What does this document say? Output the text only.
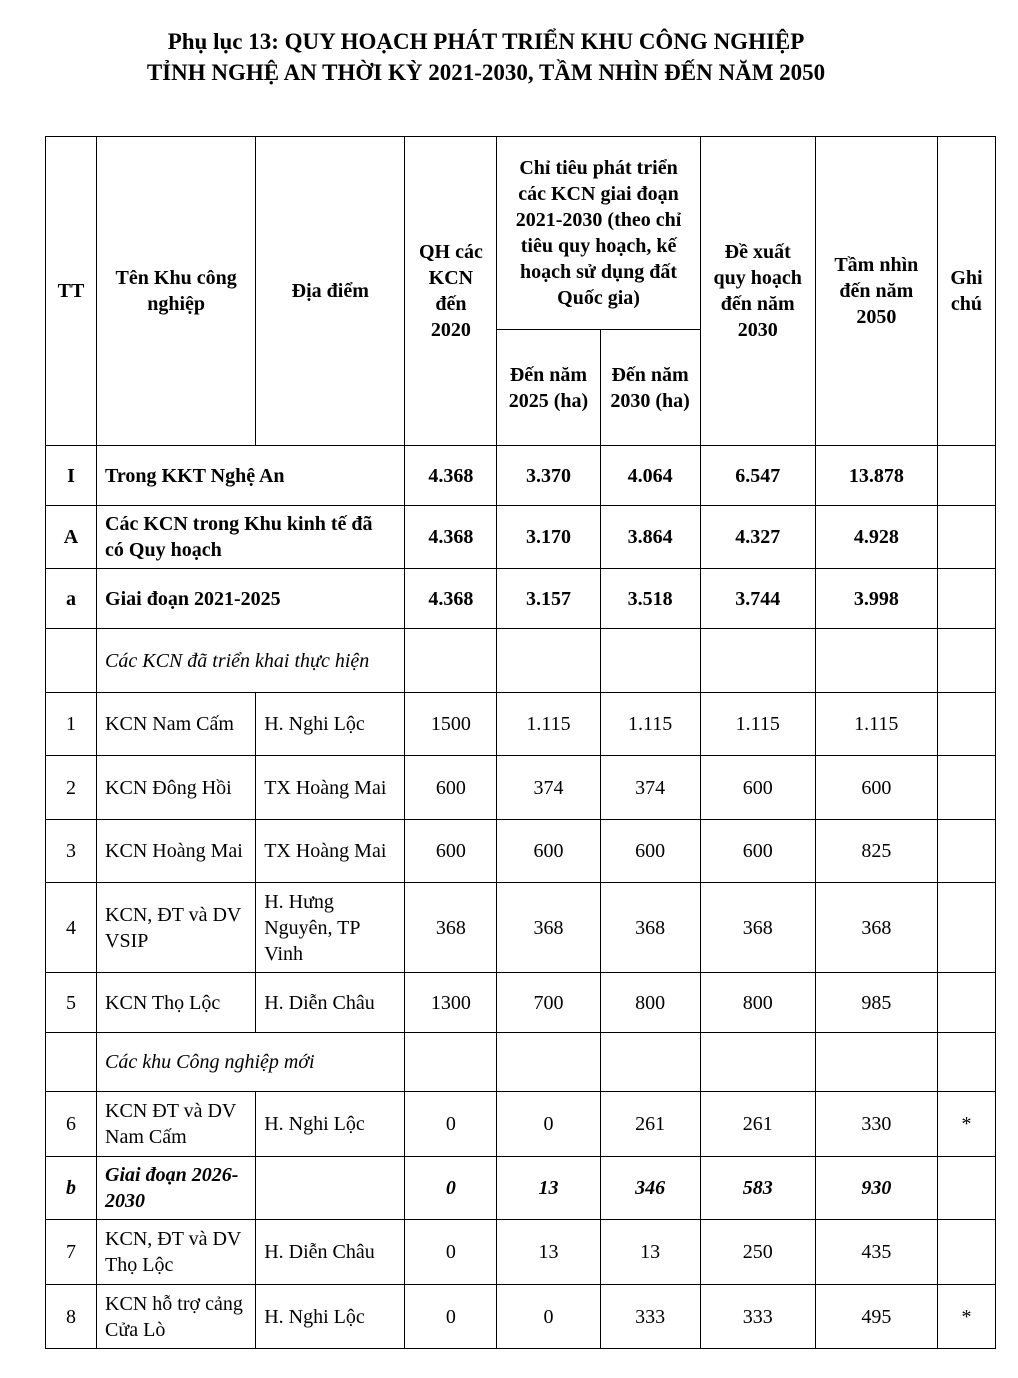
Phụ lục 13: QUY HOẠCH PHÁT TRIỂN KHU CÔNG NGHIỆP
TỈNH NGHỆ AN THỜI KỲ 2021-2030, TẦM NHÌN ĐẾN NĂM 2050
TT	Tên Khu công nghiệp	Địa điểm	QH các KCN đến 2020	Chỉ tiêu phát triển các KCN giai đoạn 2021-2030 (theo chỉ tiêu quy hoạch, kế hoạch sử dụng đất Quốc gia)		Đề xuất quy hoạch đến năm 2030	Tầm nhìn đến năm 2050	Ghi chú
				Đến năm 2025 (ha)	Đến năm 2030 (ha)			
I	Trong KKT Nghệ An		4.368	3.370	4.064	6.547	13.878	
A	Các KCN trong Khu kinh tế đã có Quy hoạch		4.368	3.170	3.864	4.327	4.928	
a	Giai đoạn 2021-2025		4.368	3.157	3.518	3.744	3.998	
	Các KCN đã triển khai thực hiện							
1	KCN Nam Cấm	H. Nghi Lộc	1500	1.115	1.115	1.115	1.115	
2	KCN Đông Hồi	TX Hoàng Mai	600	374	374	600	600	
3	KCN Hoàng Mai	TX Hoàng Mai	600	600	600	600	825	
4	KCN, ĐT và DV VSIP	H. Hưng Nguyên, TP Vinh	368	368	368	368	368	
5	KCN Thọ Lộc	H. Diễn Châu	1300	700	800	800	985	
	Các khu Công nghiệp mới							
6	KCN ĐT và DV Nam Cấm	H. Nghi Lộc	0	0	261	261	330	*
b	Giai đoạn 2026-2030		0	13	346	583	930	
7	KCN, ĐT và DV Thọ Lộc	H. Diễn Châu	0	13	13	250	435	
8	KCN hỗ trợ cảng Cửa Lò	H. Nghi Lộc	0	0	333	333	495	*
